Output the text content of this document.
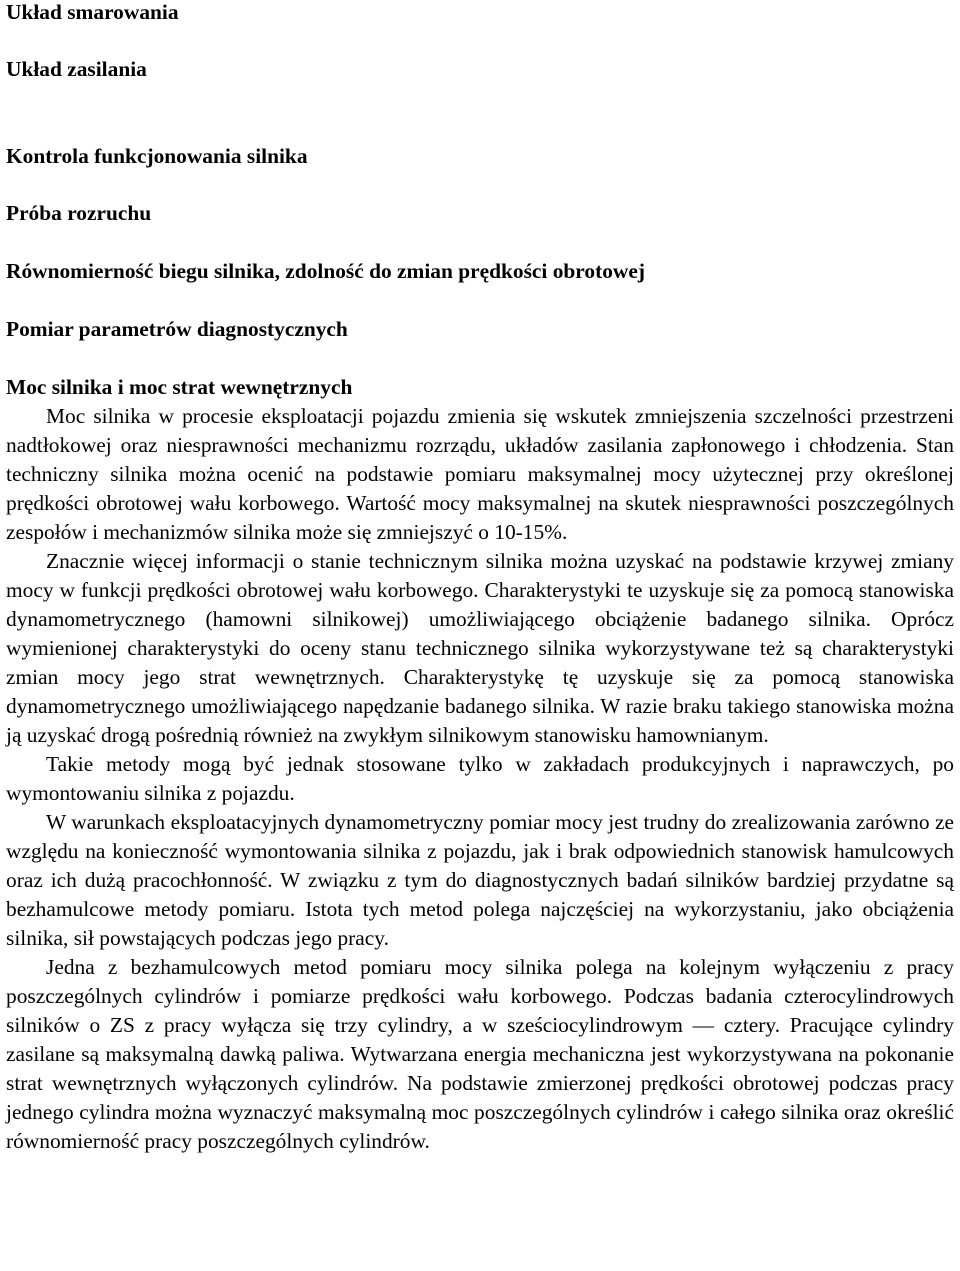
Układ smarowania
Układ zasilania
Kontrola funkcjonowania silnika
Próba rozruchu
Równomierność biegu silnika, zdolność do zmian prędkości obrotowej
Pomiar parametrów diagnostycznych
Moc silnika i moc strat wewnętrznych

Moc silnika w procesie eksploatacji pojazdu zmienia się wskutek zmniejszenia szczelności przestrzeni nadtłokowej oraz niesprawności mechanizmu rozrządu, układów zasilania zapłonowego i chłodzenia. Stan techniczny silnika można ocenić na podstawie pomiaru maksymalnej mocy użytecznej przy określonej prędkości obrotowej wału korbowego. Wartość mocy maksymalnej na skutek niesprawności poszczególnych zespołów i mechanizmów silnika może się zmniejszyć o 10-15%.

Znacznie więcej informacji o stanie technicznym silnika można uzyskać na podstawie krzywej zmiany mocy w funkcji prędkości obrotowej wału korbowego. Charakterystyki te uzyskuje się za pomocą stanowiska dynamometrycznego (hamowni silnikowej) umożliwiającego obciążenie badanego silnika. Oprócz wymienionej charakterystyki do oceny stanu technicznego silnika wykorzystywane też są charakterystyki zmian mocy jego strat wewnętrznych. Charakterystykę tę uzyskuje się za pomocą stanowiska dynamometrycznego umożliwiającego napędzanie badanego silnika. W razie braku takiego stanowiska można ją uzyskać drogą pośrednią również na zwykłym silnikowym stanowisku hamownianym.

Takie metody mogą być jednak stosowane tylko w zakładach produkcyjnych i naprawczych, po wymontowaniu silnika z pojazdu.

W warunkach eksploatacyjnych dynamometryczny pomiar mocy jest trudny do zrealizowania zarówno ze względu na konieczność wymontowania silnika z pojazdu, jak i brak odpowiednich stanowisk hamulcowych oraz ich dużą pracochłonność. W związku z tym do diagnostycznych badań silników bardziej przydatne są bezhamulcowe metody pomiaru. Istota tych metod polega najczęściej na wykorzystaniu, jako obciążenia silnika, sił powstających podczas jego pracy.

Jedna z bezhamulcowych metod pomiaru mocy silnika polega na kolejnym wyłączeniu z pracy poszczególnych cylindrów i pomiarze prędkości wału korbowego. Podczas badania czterocylindrowych silników o ZS z pracy wyłącza się trzy cylindry, a w sześciocylindrowym — cztery. Pracujące cylindry zasilane są maksymalną dawką paliwa. Wytwarzana energia mechaniczna jest wykorzystywana na pokonanie strat wewnętrznych wyłączonych cylindrów. Na podstawie zmierzonej prędkości obrotowej podczas pracy jednego cylindra można wyznaczyć maksymalną moc poszczególnych cylindrów i całego silnika oraz określić równomierność pracy poszczególnych cylindrów.
